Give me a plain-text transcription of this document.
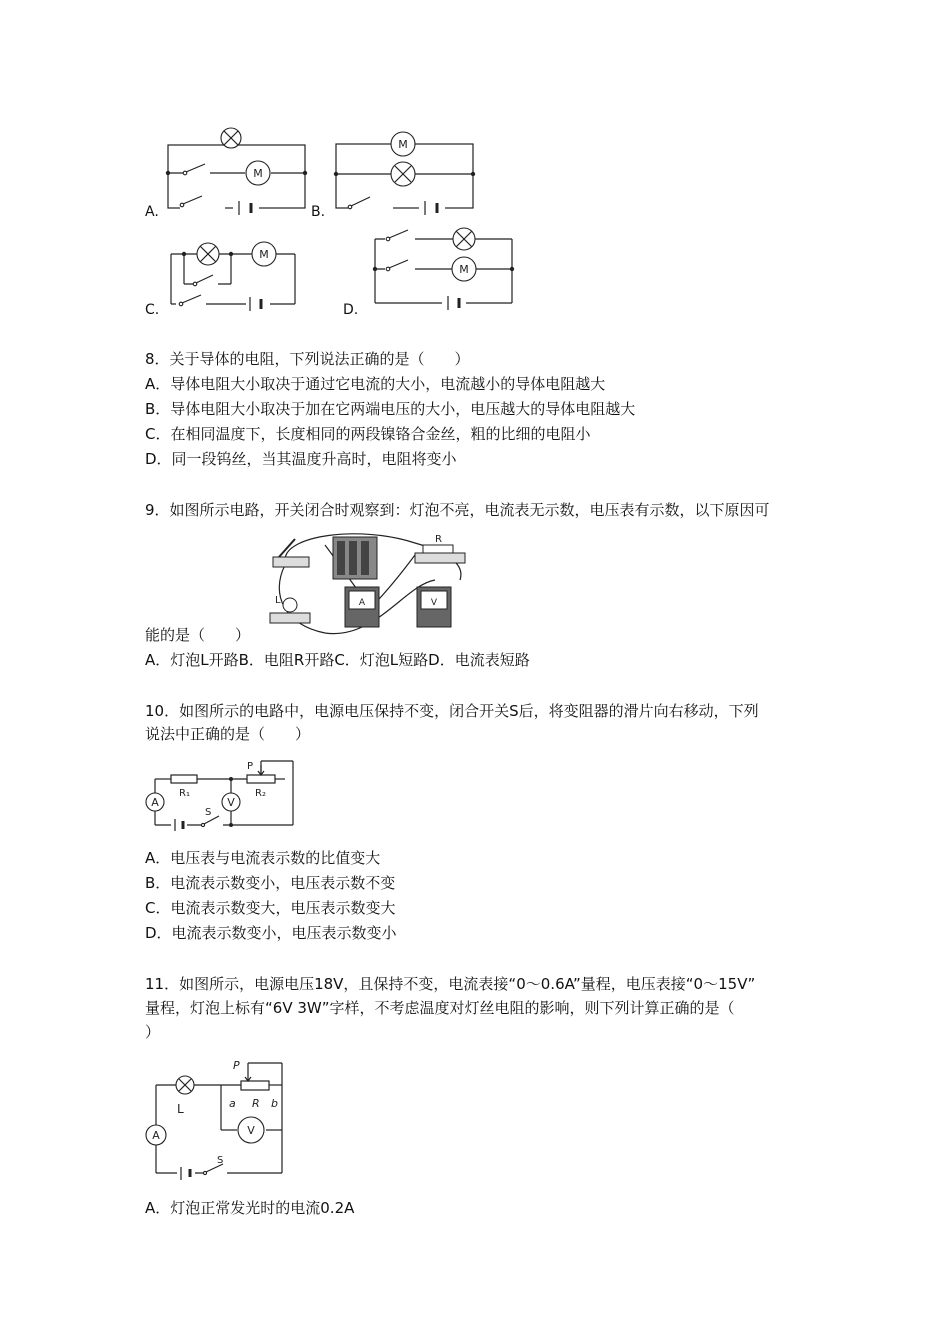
A.
M
B.
M
C.
M
D.
M
8．关于导体的电阻，下列说法正确的是（　　）
A．导体电阻大小取决于通过它电流的大小，电流越小的导体电阻越大
B．导体电阻大小取决于加在它两端电压的大小，电压越大的导体电阻越大
C．在相同温度下，长度相同的两段镍铬合金丝，粗的比细的电阻小
D．同一段钨丝，当其温度升高时，电阻将变小
9．如图所示电路，开关闭合时观察到：灯泡不亮，电流表无示数，电压表有示数，以下原因可
R
L	A	V
能的是（　　）
A．灯泡L开路B．电阻R开路C．灯泡L短路D．电流表短路
10．如图所示的电路中，电源电压保持不变，闭合开关S后，将变阻器的滑片向右移动，下列
说法中正确的是（　　）
A	V
R₁	R₂
P
S
A．电压表与电流表示数的比值变大
B．电流表示数变小，电压表示数不变
C．电流表示数变大，电压表示数变大
D．电流表示数变小，电压表示数变小
11．如图所示，电源电压18V，且保持不变，电流表接“0～0.6A”量程，电压表接“0～15V”
量程，灯泡上标有“6V 3W”字样，不考虑温度对灯丝电阻的影响，则下列计算正确的是（
）
A	V
P
a R b
L
S
A．灯泡正常发光时的电流0.2A
